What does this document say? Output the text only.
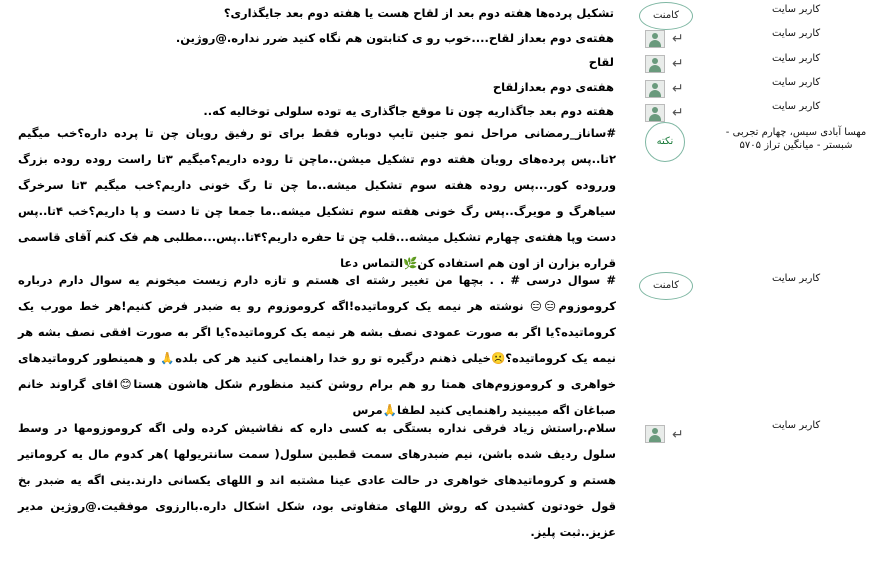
کاربر سایت
کاربر سایت
کاربر سایت
کاربر سایت
کاربر سایت
کامنت
↵
↵
↵
↵
تشکیل پرده‌ها هفته دوم بعد از لقاح هست یا هفته دوم بعد جایگذاری؟
هفته‌ی دوم بعداز لقاح....خوب رو ی کتابتون هم نگاه کنید ضرر نداره.@روژین.
لقاح
هفته‌ی دوم بعدازلقاح
هفته دوم بعد جاگذاریه چون تا موقع جاگذاری یه توده سلولی توخالیه که..
نکته
مهسا آبادی سیس، چهارم تجربی - شبستر - میانگین تراز ۵۷۰۵
#ساناز_رمضانی مراحل نمو جنین تایپ دوباره فقط برای تو رفیق رویان چن تا پرده داره؟خب میگیم ۲تا..پس پرده‌های رویان هفته دوم تشکیل میشن..ماچن تا روده داریم؟میگیم ۳تا راست روده روده بزرگ ورروده کور...پس روده هفته سوم تشکیل میشه..ما چن تا رگ خونی داریم؟خب میگیم ۳تا سرخرگ سیاهرگ و مویرگ..پس رگ خونی هفته سوم تشکیل میشه..ما جمعا چن تا دست و پا داریم؟خب ۴تا..پس دست وپا هفته‌ی چهارم تشکیل میشه...قلب چن تا حفره داریم؟۴تا..پس...مطلبی هم فک کنم آقای قاسمی قراره بزارن از اون هم استفاده کن🌿التماس دعا
کاربر سایت
کامنت
# سوال درسی # . . بچها من تغییر رشته ای هستم و تازه دارم زیست میخونم یه سوال دارم درباره کروموزوم😑😑 نوشته هر نیمه یک کروماتیده!اگه کروموزوم رو یه ضبدر فرض کنیم!هر خط مورب یک کروماتیده؟یا اگر به صورت عمودی نصف بشه هر نیمه یک کروماتیده؟یا اگر به صورت افقی نصف بشه هر نیمه یک کروماتیده؟☹️خیلی ذهنم درگیره تو رو خدا راهنمایی کنید هر کی بلده🙏 و همینطور کروماتیدهای خواهری و کروموزوم‌های همتا رو هم برام روشن کنید منظورم شکل هاشون هستا😊اقای گراوند خانم صباغان اگه میبینید راهنمایی کنید لطفا🙏مرس
کاربر سایت
↵
سلام.راستش زیاد فرقی نداره بستگی به کسی داره که نقاشیش کرده ولی اگه کروموزومها در وسط سلول ردیف شده باشن، نیم ضبدرهای سمت قطبین سلول( سمت سانتریولها )هر کدوم مال یه کروماتیر هستم و کروماتیدهای خواهری در حالت عادی عینا مشتبه اند و اللهای یکسانی دارند.ینی اگه یه ضبدر بخ قول خودتون کشیدن که روش اللهای متفاوتی بود، شکل اشکال داره.باارزوی موفقیت.@روژین مدیر عزیز..ثبت پلیز.
